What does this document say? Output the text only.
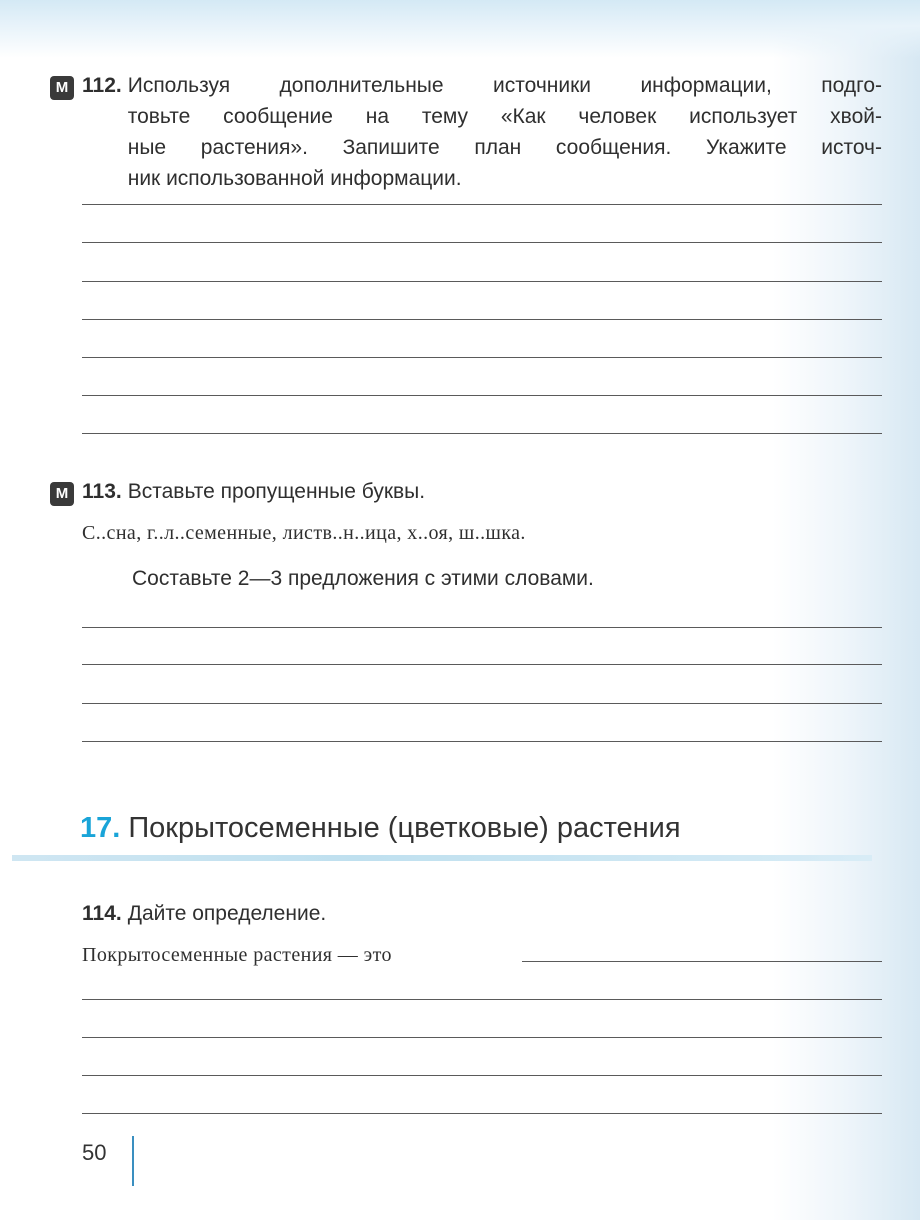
М 112. Используя дополнительные источники информации, подго-
товьте сообщение на тему «Как человек использует хвой-
ные растения». Запишите план сообщения. Укажите источ-
ник использованной информации.
М 113. Вставьте пропущенные буквы.

С..сна, г..л..семенные, листв..н..ица, х..оя, ш..шка.

Составьте 2—3 предложения с этими словами.

17. Покрытосеменные (цветковые) растения

114. Дайте определение.

Покрытосеменные растения — это

50
